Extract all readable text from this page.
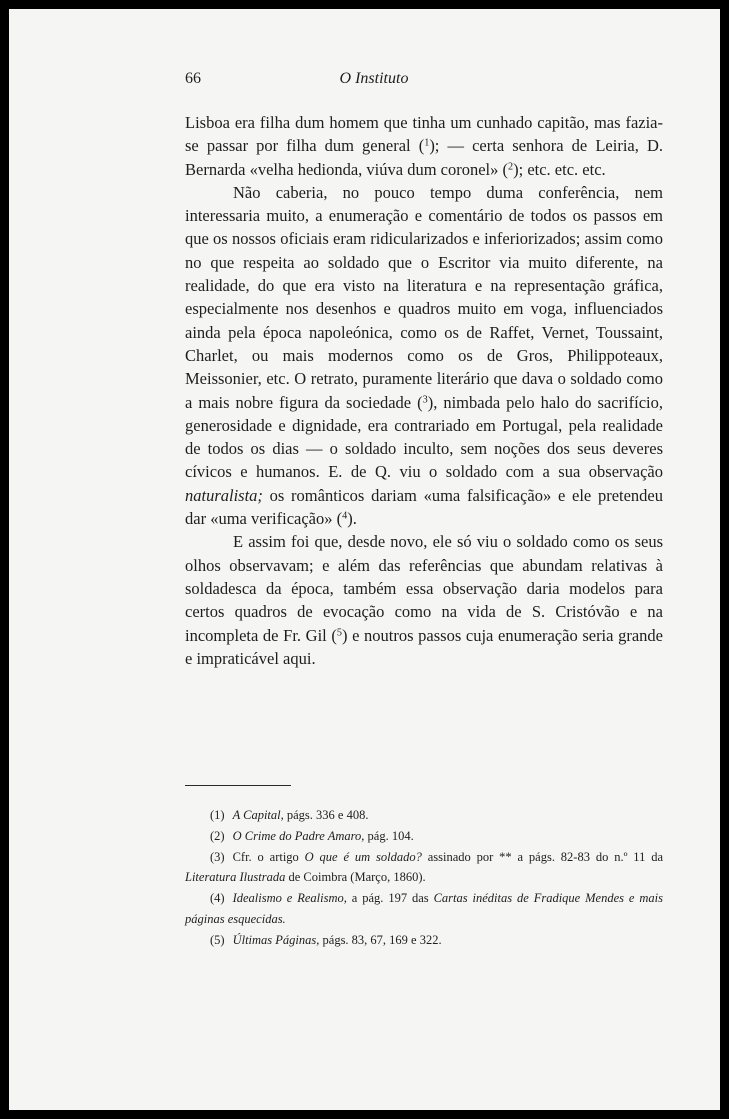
66	O Instituto

Lisboa era filha dum homem que tinha um cunhado capitão, mas fazia-se passar por filha dum general ($^1$); — certa senhora de Leiria, D. Bernarda «velha hedionda, viúva dum coronel» ($^2$); etc. etc. etc.

Não caberia, no pouco tempo duma conferência, nem interessaria muito, a enumeração e comentário de todos os passos em que os nossos oficiais eram ridicularizados e inferiorizados; assim como no que respeita ao soldado que o Escritor via muito diferente, na realidade, do que era visto na literatura e na representação gráfica, especialmente nos desenhos e quadros muito em voga, influenciados ainda pela época napoleónica, como os de Raffet, Vernet, Toussaint, Charlet, ou mais modernos como os de Gros, Philippoteaux, Meissonier, etc. O retrato, puramente literário que dava o soldado como a mais nobre figura da sociedade ($^3$), nimbada pelo halo do sacrifício, generosidade e dignidade, era contrariado em Portugal, pela realidade de todos os dias — o soldado inculto, sem noções dos seus deveres cívicos e humanos. E. de Q. viu o soldado com a sua observação naturalista; os românticos dariam «uma falsificação» e ele pretendeu dar «uma verificação» ($^4$).

E assim foi que, desde novo, ele só viu o soldado como os seus olhos observavam; e além das referências que abundam relativas à soldadesca da época, também essa observação daria modelos para certos quadros de evocação como na vida de S. Cristóvão e na incompleta de Fr. Gil ($^5$) e noutros passos cuja enumeração seria grande e impraticável aqui.

(1) A Capital, págs. 336 e 408.

(2) O Crime do Padre Amaro, pág. 104.

(3) Cfr. o artigo O que é um soldado? assinado por ** a págs. 82-83 do n.º 11 da Literatura Ilustrada de Coimbra (Março, 1860).

(4) Idealismo e Realismo, a pág. 197 das Cartas inéditas de Fradique Mendes e mais páginas esquecidas.

(5) Últimas Páginas, págs. 83, 67, 169 e 322.
